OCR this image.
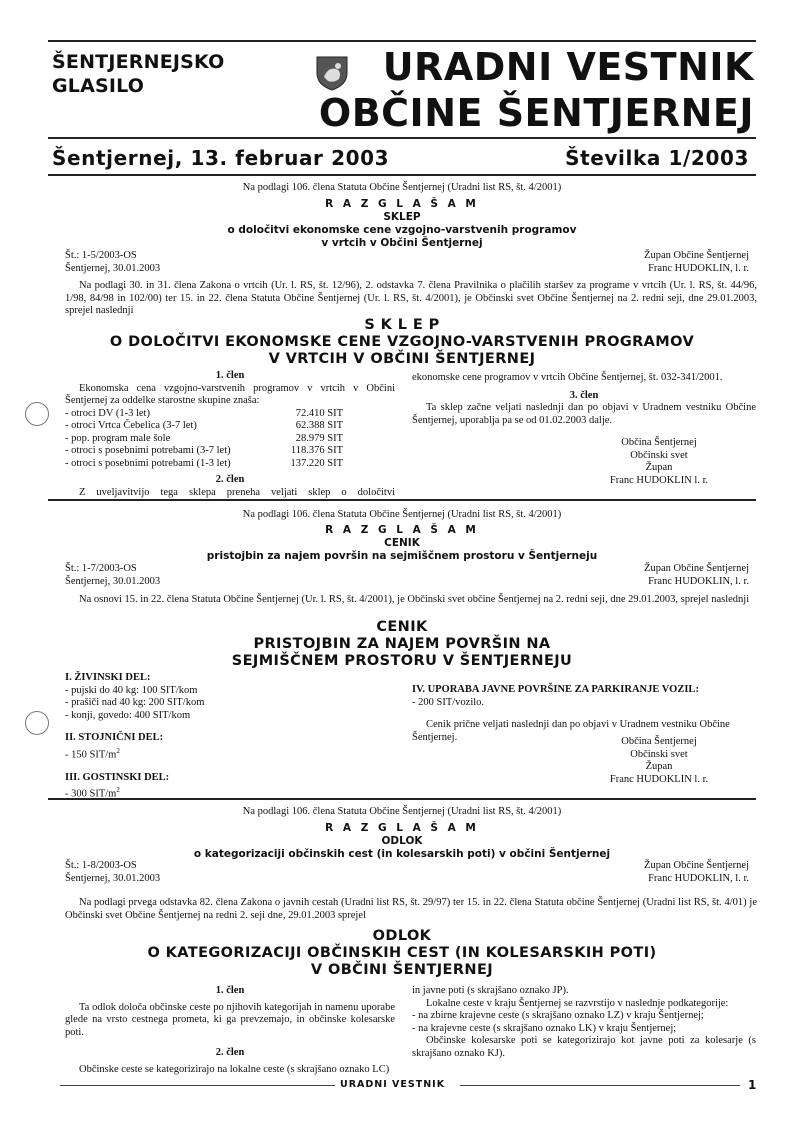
ŠENTJERNEJSKO
GLASILO	URADNI VESTNIK
OBČINE ŠENTJERNEJ
Šentjernej, 13. februar 2003	Številka 1/2003
Na podlagi 106. člena Statuta Občine Šentjernej (Uradni list RS, št. 4/2001)
R A Z G L A Š A M
SKLEP
o določitvi ekonomske cene vzgojno-varstvenih programov
v vrtcih v Občini Šentjernej
Št.: 1-5/2003-OS
Šentjernej, 30.01.2003
Župan Občine Šentjernej
Franc HUDOKLIN, l. r.
Na podlagi 30. in 31. člena Zakona o vrtcih (Ur. l. RS, št. 12/96), 2. odstavka 7. člena Pravilnika o plačilih staršev za programe v vrtcih (Ur. l. RS, št. 44/96, 1/98, 84/98 in 102/00) ter 15. in 22. člena Statuta Občine Šentjernej (Ur. l. RS, št. 4/2001), je Občinski svet Občine Šentjernej na 2. redni seji, dne 29.01.2003, sprejel naslednji
S K L E P
O DOLOČITVI EKONOMSKE CENE VZGOJNO-VARSTVENIH PROGRAMOV
V VRTCIH V OBČINI ŠENTJERNEJ
1. člen
Ekonomska cena vzgojno-varstvenih programov v vrtcih v Občini Šentjernej za oddelke starostne skupine znaša:
- otroci DV (1-3 let)	72.410 SIT
- otroci Vrtca Čebelica (3-7 let)	62.388 SIT
- pop. program male šole	28.979 SIT
- otroci s posebnimi potrebami (3-7 let)	118.376 SIT
- otroci s posebnimi potrebami (1-3 let)	137.220 SIT
2. člen
Z uveljavitvijo tega sklepa preneha veljati sklep o določitvi
ekonomske cene programov v vrtcih Občine Šentjernej, št. 032-341/2001.
3. člen
Ta sklep začne veljati naslednji dan po objavi v Uradnem vestniku Občine Šentjernej, uporablja pa se od 01.02.2003 dalje.
Občina Šentjernej
Občinski svet
Župan
Franc HUDOKLIN l. r.
Na podlagi 106. člena Statuta Občine Šentjernej (Uradni list RS, št. 4/2001)
R A Z G L A Š A M
CENIK
pristojbin za najem površin na sejmiščnem prostoru v Šentjerneju
Št.: 1-7/2003-OS
Šentjernej, 30.01.2003
Župan Občine Šentjernej
Franc HUDOKLIN, l. r.
Na osnovi 15. in 22. člena Statuta Občine Šentjernej (Ur. l. RS, št. 4/2001), je Občinski svet občine Šentjernej na 2. redni seji, dne 29.01.2003, sprejel naslednji
CENIK
PRISTOJBIN ZA NAJEM POVRŠIN NA
SEJMIŠČNEM PROSTORU V ŠENTJERNEJU
I. ŽIVINSKI DEL:
- pujski do 40 kg: 100 SIT/kom
- prašiči nad 40 kg: 200 SIT/kom
- konji, govedo: 400 SIT/kom
II. STOJNIČNI DEL:
- 150 SIT/$m^2$
III. GOSTINSKI DEL:
- 300 SIT/$m^2$
IV. UPORABA JAVNE POVRŠINE ZA PARKIRANJE VOZIL:
- 200 SIT/vozilo.
Cenik prične veljati naslednji dan po objavi v Uradnem vestniku Občine Šentjernej.	Občina Šentjernej
Občinski svet
Župan
Franc HUDOKLIN l. r.
Na podlagi 106. člena Statuta Občine Šentjernej (Uradni list RS, št. 4/2001)
R A Z G L A Š A M
ODLOK
o kategorizaciji občinskih cest (in kolesarskih poti) v občini Šentjernej
Št.: 1-8/2003-OS
Šentjernej, 30.01.2003
Župan Občine Šentjernej
Franc HUDOKLIN, l. r.
Na podlagi prvega odstavka 82. člena Zakona o javnih cestah (Uradni list RS, št. 29/97) ter 15. in 22. člena Statuta občine Šentjernej (Uradni list RS, št. 4/01) je Občinski svet Občine Šentjernej na redni 2. seji dne, 29.01.2003 sprejel
ODLOK
O KATEGORIZACIJI OBČINSKIH CEST (IN KOLESARSKIH POTI)
V OBČINI ŠENTJERNEJ
1. člen
Ta odlok določa občinske ceste po njihovih kategorijah in namenu uporabe glede na vrsto cestnega prometa, ki ga prevzemajo, in občinske kolesarske poti.
2. člen
Občinske ceste se kategorizirajo na lokalne ceste (s skrajšano oznako LC)
in javne poti (s skrajšano oznako JP).
Lokalne ceste v kraju Šentjernej se razvrstijo v naslednje podkategorije:
- na zbirne krajevne ceste (s skrajšano oznako LZ) v kraju Šentjernej;
- na krajevne ceste (s skrajšano oznako LK) v kraju Šentjernej;
Občinske kolesarske poti se kategorizirajo kot javne poti za kolesarje (s skrajšano oznako KJ).
URADNI VESTNIK	1
